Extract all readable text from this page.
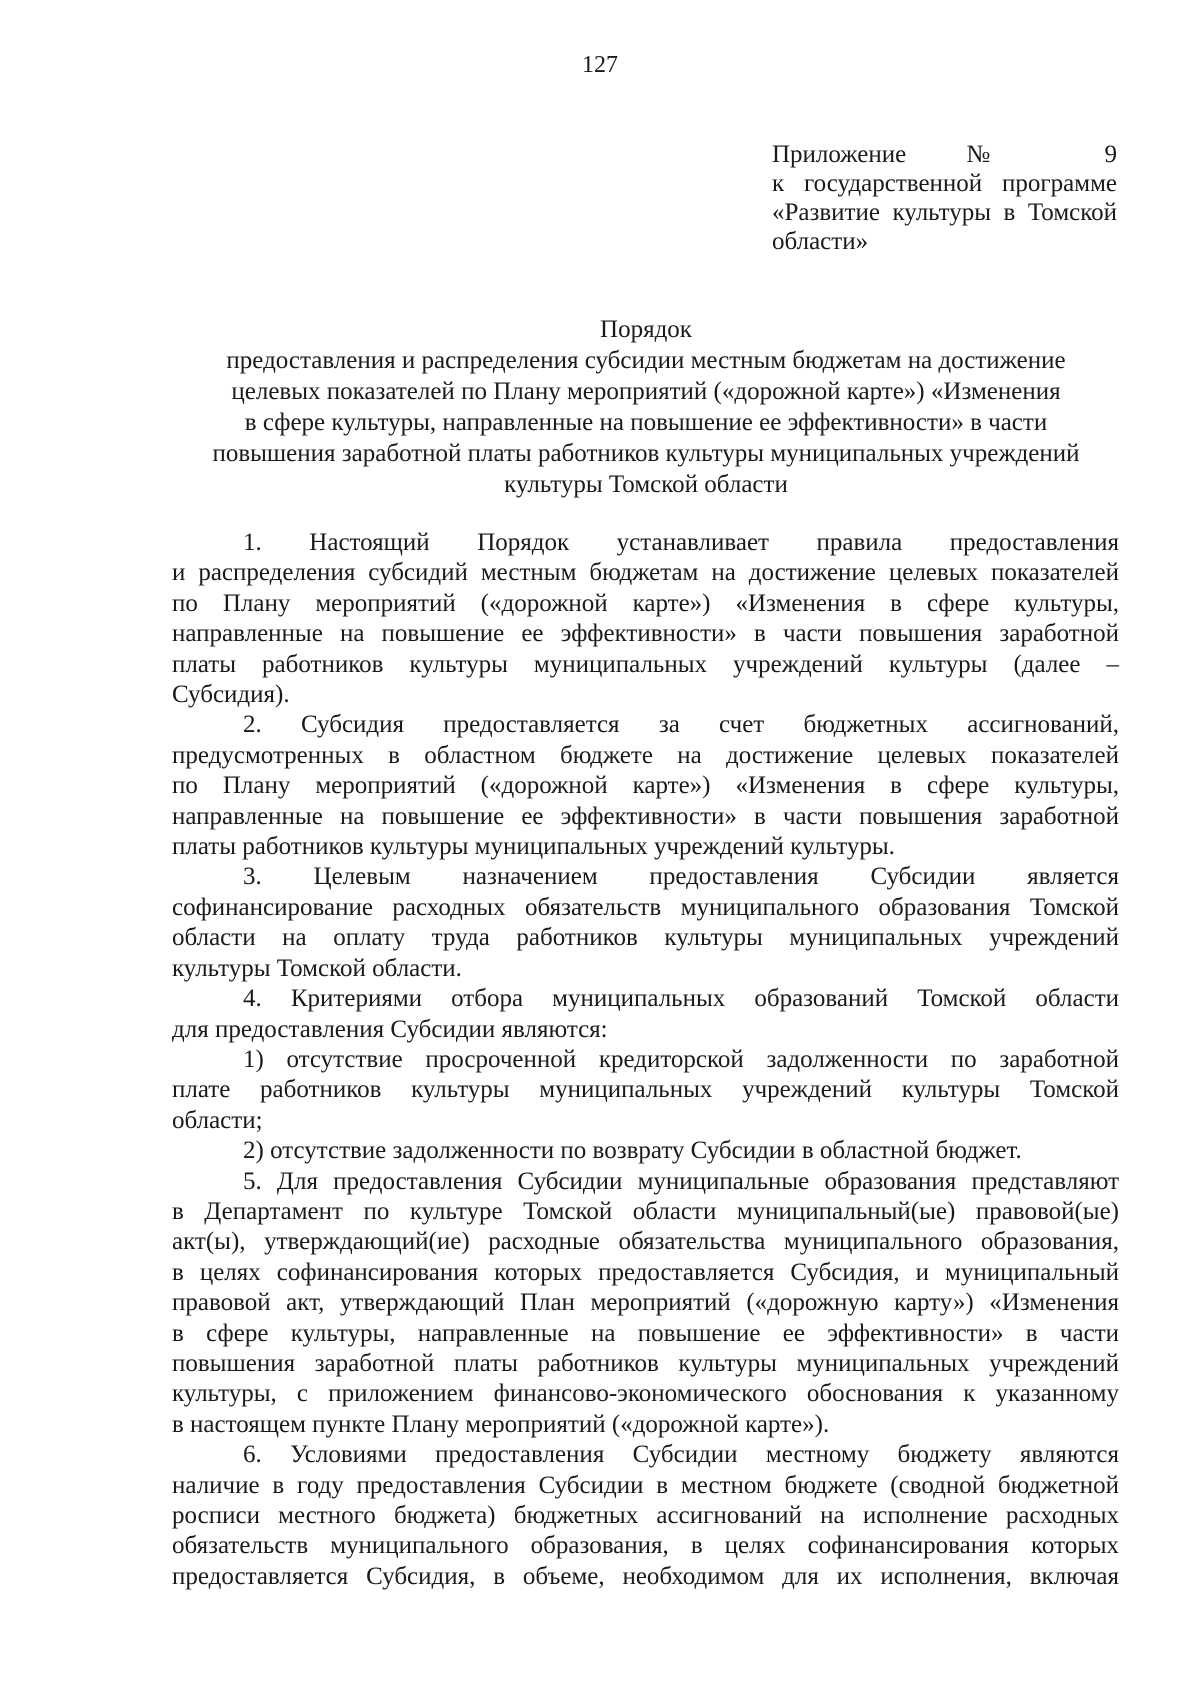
127
Приложение № 9
к государственной программе
«Развитие культуры в Томской
области»
Порядок
предоставления и распределения субсидии местным бюджетам на достижение
целевых показателей по Плану мероприятий («дорожной карте») «Изменения
в сфере культуры, направленные на повышение ее эффективности» в части
повышения заработной платы работников культуры муниципальных учреждений
культуры Томской области
1. Настоящий Порядок устанавливает правила предоставления
и распределения субсидий местным бюджетам на достижение целевых показателей
по Плану мероприятий («дорожной карте») «Изменения в сфере культуры,
направленные на повышение ее эффективности» в части повышения заработной
платы работников культуры муниципальных учреждений культуры (далее –
Субсидия).
2. Субсидия предоставляется за счет бюджетных ассигнований,
предусмотренных в областном бюджете на достижение целевых показателей
по Плану мероприятий («дорожной карте») «Изменения в сфере культуры,
направленные на повышение ее эффективности» в части повышения заработной
платы работников культуры муниципальных учреждений культуры.
3. Целевым назначением предоставления Субсидии является
софинансирование расходных обязательств муниципального образования Томской
области на оплату труда работников культуры муниципальных учреждений
культуры Томской области.
4. Критериями отбора муниципальных образований Томской области
для предоставления Субсидии являются:
1) отсутствие просроченной кредиторской задолженности по заработной
плате работников культуры муниципальных учреждений культуры Томской
области;
2) отсутствие задолженности по возврату Субсидии в областной бюджет.
5. Для предоставления Субсидии муниципальные образования представляют
в Департамент по культуре Томской области муниципальный(ые) правовой(ые)
акт(ы), утверждающий(ие) расходные обязательства муниципального образования,
в целях софинансирования которых предоставляется Субсидия, и муниципальный
правовой акт, утверждающий План мероприятий («дорожную карту») «Изменения
в сфере культуры, направленные на повышение ее эффективности» в части
повышения заработной платы работников культуры муниципальных учреждений
культуры, с приложением финансово-экономического обоснования к указанному
в настоящем пункте Плану мероприятий («дорожной карте»).
6. Условиями предоставления Субсидии местному бюджету являются
наличие в году предоставления Субсидии в местном бюджете (сводной бюджетной
росписи местного бюджета) бюджетных ассигнований на исполнение расходных
обязательств муниципального образования, в целях софинансирования которых
предоставляется Субсидия, в объеме, необходимом для их исполнения, включая
